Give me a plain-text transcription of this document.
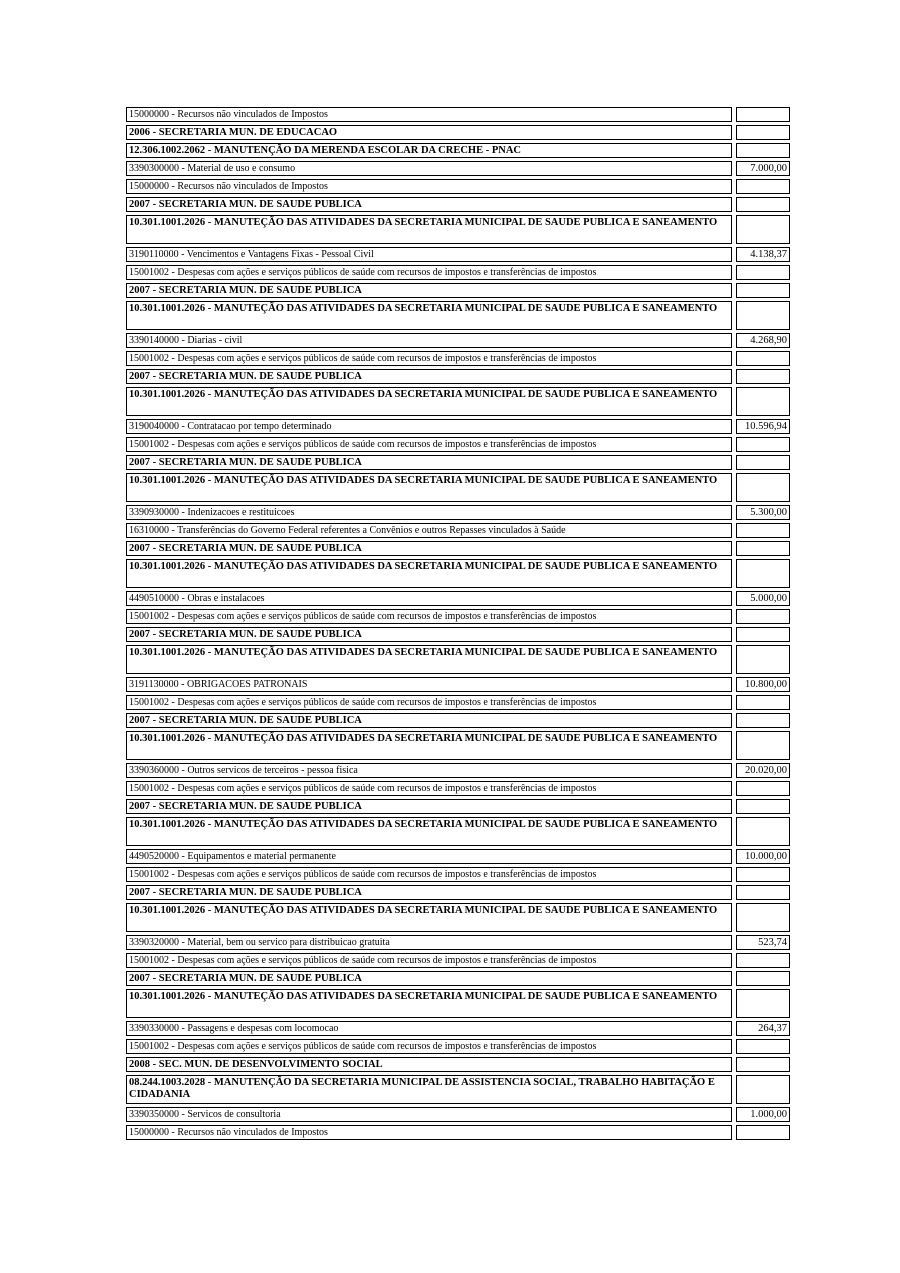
15000000 - Recursos não vinculados de Impostos
2006 - SECRETARIA MUN. DE EDUCACAO
12.306.1002.2062 - MANUTENÇÃO DA MERENDA ESCOLAR DA CRECHE - PNAC
3390300000 - Material de uso e consumo	7.000,00
15000000 - Recursos não vinculados de Impostos
2007 - SECRETARIA MUN. DE SAUDE PUBLICA
10.301.1001.2026 - MANUTEÇÃO DAS ATIVIDADES DA SECRETARIA MUNICIPAL DE SAUDE PUBLICA E SANEAMENTO
3190110000 - Vencimentos e Vantagens Fixas - Pessoal Civil	4.138,37
15001002 - Despesas com ações e serviços públicos de saúde com recursos de impostos e transferências de impostos
2007 - SECRETARIA MUN. DE SAUDE PUBLICA
10.301.1001.2026 - MANUTEÇÃO DAS ATIVIDADES DA SECRETARIA MUNICIPAL DE SAUDE PUBLICA E SANEAMENTO
3390140000 - Diarias - civil	4.268,90
15001002 - Despesas com ações e serviços públicos de saúde com recursos de impostos e transferências de impostos
2007 - SECRETARIA MUN. DE SAUDE PUBLICA
10.301.1001.2026 - MANUTEÇÃO DAS ATIVIDADES DA SECRETARIA MUNICIPAL DE SAUDE PUBLICA E SANEAMENTO
3190040000 - Contratacao por tempo determinado	10.596,94
15001002 - Despesas com ações e serviços públicos de saúde com recursos de impostos e transferências de impostos
2007 - SECRETARIA MUN. DE SAUDE PUBLICA
10.301.1001.2026 - MANUTEÇÃO DAS ATIVIDADES DA SECRETARIA MUNICIPAL DE SAUDE PUBLICA E SANEAMENTO
3390930000 - Indenizacoes e restituicoes	5.300,00
16310000 - Transferências do Governo Federal referentes a Convênios e outros Repasses vinculados à Saúde
2007 - SECRETARIA MUN. DE SAUDE PUBLICA
10.301.1001.2026 - MANUTEÇÃO DAS ATIVIDADES DA SECRETARIA MUNICIPAL DE SAUDE PUBLICA E SANEAMENTO
4490510000 - Obras e instalacoes	5.000,00
15001002 - Despesas com ações e serviços públicos de saúde com recursos de impostos e transferências de impostos
2007 - SECRETARIA MUN. DE SAUDE PUBLICA
10.301.1001.2026 - MANUTEÇÃO DAS ATIVIDADES DA SECRETARIA MUNICIPAL DE SAUDE PUBLICA E SANEAMENTO
3191130000 - OBRIGACOES PATRONAIS	10.800,00
15001002 - Despesas com ações e serviços públicos de saúde com recursos de impostos e transferências de impostos
2007 - SECRETARIA MUN. DE SAUDE PUBLICA
10.301.1001.2026 - MANUTEÇÃO DAS ATIVIDADES DA SECRETARIA MUNICIPAL DE SAUDE PUBLICA E SANEAMENTO
3390360000 - Outros servicos de terceiros - pessoa fisica	20.020,00
15001002 - Despesas com ações e serviços públicos de saúde com recursos de impostos e transferências de impostos
2007 - SECRETARIA MUN. DE SAUDE PUBLICA
10.301.1001.2026 - MANUTEÇÃO DAS ATIVIDADES DA SECRETARIA MUNICIPAL DE SAUDE PUBLICA E SANEAMENTO
4490520000 - Equipamentos e material permanente	10.000,00
15001002 - Despesas com ações e serviços públicos de saúde com recursos de impostos e transferências de impostos
2007 - SECRETARIA MUN. DE SAUDE PUBLICA
10.301.1001.2026 - MANUTEÇÃO DAS ATIVIDADES DA SECRETARIA MUNICIPAL DE SAUDE PUBLICA E SANEAMENTO
3390320000 - Material, bem ou servico para distribuicao gratuita	523,74
15001002 - Despesas com ações e serviços públicos de saúde com recursos de impostos e transferências de impostos
2007 - SECRETARIA MUN. DE SAUDE PUBLICA
10.301.1001.2026 - MANUTEÇÃO DAS ATIVIDADES DA SECRETARIA MUNICIPAL DE SAUDE PUBLICA E SANEAMENTO
3390330000 - Passagens e despesas com locomocao	264,37
15001002 - Despesas com ações e serviços públicos de saúde com recursos de impostos e transferências de impostos
2008 - SEC. MUN. DE DESENVOLVIMENTO SOCIAL
08.244.1003.2028 - MANUTENÇÃO DA SECRETARIA MUNICIPAL DE ASSISTENCIA SOCIAL, TRABALHO HABITAÇÃO E CIDADANIA
3390350000 - Servicos de consultoria	1.000,00
15000000 - Recursos não vinculados de Impostos
